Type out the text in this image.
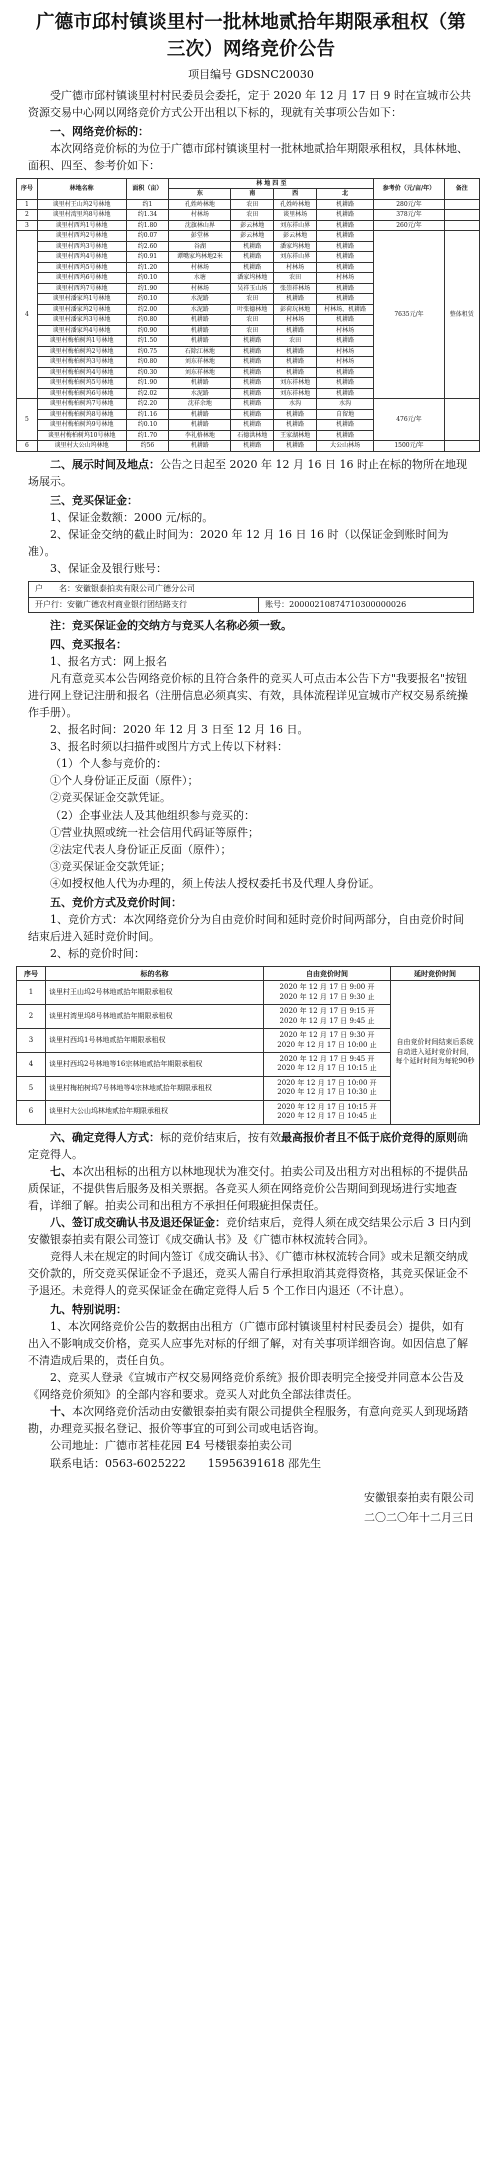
广德市邱村镇谈里村一批林地贰拾年期限承租权（第三次）网络竞价公告
项目编号 GDSNC20030

受广德市邱村镇谈里村村民委员会委托，定于 2020 年 12 月 17 日 9 时在宣城市公共资源交易中心网以网络竞价方式公开出租以下标的，现就有关事项公告如下：

一、网络竞价标的：

本次网络竞价标的为位于广德市邱村镇谈里村一批林地贰拾年期限承租权，具体林地、面积、四至、参考价如下：

序号	林地名称	面积（亩）	林 地 四 至				参考价（元/亩/年）	备注
			东	南	西	北		
1	谈里村王山坞2号林地	约1	孔姓岭林地	农田	孔姓岭林地	机耕路	280元/年	
2	谈里村湾里坞8号林地	约1.34	村林场	农田	谈里林场	机耕路	378元/年	
3	谈里村西坞1号林地	约1.80	沈旗林山界	彭云林地	刘东祥山界	机耕路	260元/年	
4	谈里村西坞2号林地	约0.07	彭堂林	彭云林地	彭云林地	机耕路	7635元/年	整体租赁
	谈里村西坞3号林地	约2.60	谷湖	机耕路	潘家坞林地	机耕路		
	谈里村西坞4号林地	约0.91	谭嘴家坞林地2米	机耕路	刘东祥山界	机耕路		
	谈里村西坞5号林地	约1.20	村林场	机耕路	村林场	机耕路		
	谈里村西坞6号林地	约0.10	水塘	潘家坞林地	农田	村林场		
	谈里村西坞7号林地	约1.90	村林场	吴祥玉山场	张崇祥林场	机耕路		
	谈里村潘家坞1号林地	约0.10	水泥路	农田	机耕路	机耕路		
	谈里村潘家坞2号林地	约2.00	水泥路	叶张德林地	彭荷玩林地	村林场、机耕路		
	谈里村潘家坞3号林地	约0.80	机耕路	农田	村林场	机耕路		
	谈里村潘家坞4号林地	约0.90	机耕路	农田	机耕路	村林场		
	谈里村梅柏树坞1号林地	约1.50	机耕路	机耕路	农田	机耕路		
	谈里村梅柏树坞2号林地	约0.75	石除江林地	机耕路	机耕路	村林场		
	谈里村梅柏树坞3号林地	约0.80	刘东祥林地	机耕路	机耕路	村林场		
	谈里村梅柏树坞4号林地	约0.30	刘东祥林地	机耕路	机耕路	机耕路		
	谈里村梅柏树坞5号林地	约1.90	机耕路	机耕路	刘东祥林地	机耕路		
	谈里村梅柏树坞6号林地	约2.02	水泥路	机耕路	刘东祥林地	机耕路		
5	谈里村梅柏树坞7号林地	约2.20	沈祥余地	机耕路	水沟	水沟	476元/年	
	谈里村梅柏树坞8号林地	约1.16	机耕路	机耕路	机耕路	自留地		
	谈里村梅柏树坞9号林地	约0.10	机耕路	机耕路	机耕路	机耕路		
	谈里村梅柏树坞10号林地	约1.70	李礼格林地	石德洪林地	王家湖林地	机耕路		
6	谈里村大公山坞林地	约56	机耕路	机耕路	机耕路	大公山林场	1500元/年	

二、展示时间及地点：公告之日起至 2020 年 12 月 16 日 16 时止在标的物所在地现场展示。

三、竞买保证金：

1、保证金数额：2000 元/标的。

2、保证金交纳的截止时间为：2020 年 12 月 16 日 16 时（以保证金到账时间为准）。

3、保证金及银行账号：

户　　名：安徽银泰拍卖有限公司广德分公司
开户行：安徽广德农村商业银行团结路支行	账号：20000210874710300000026

注：竞买保证金的交纳方与竞买人名称必须一致。

四、竞买报名：

1、报名方式：网上报名

凡有意竞买本公告网络竞价标的且符合条件的竞买人可点击本公告下方"我要报名"按钮进行网上登记注册和报名（注册信息必须真实、有效，具体流程详见宣城市产权交易系统操作手册）。

2、报名时间：2020 年 12 月 3 日至 12 月 16 日。

3、报名时须以扫描件或图片方式上传以下材料：

（1）个人参与竞价的：

①个人身份证正反面（原件）；

②竞买保证金交款凭证。

（2）企事业法人及其他组织参与竞买的：

①营业执照或统一社会信用代码证等原件；

②法定代表人身份证正反面（原件）；

③竞买保证金交款凭证；

④如授权他人代为办理的，须上传法人授权委托书及代理人身份证。

五、竞价方式及竞价时间：

1、竞价方式：本次网络竞价分为自由竞价时间和延时竞价时间两部分，自由竞价时间结束后进入延时竞价时间。

2、标的竞价时间：

序号	标的名称	自由竞价时间	延时竞价时间
1	谈里村王山坞2号林地贰拾年期限承租权	2020 年 12 月 17 日 9:00 开
2020 年 12 月 17 日 9:30 止	自由竞价时间结束后系统自动进入延时竞价时间，每个延时时间为每轮90秒
2	谈里村湾里坞8号林地贰拾年期限承租权	2020 年 12 月 17 日 9:15 开
2020 年 12 月 17 日 9:45 止	

3	谈里村西坞1号林地贰拾年期限承租权	2020 年 12 月 17 日 9:30 开
2020 年 12 月 17 日 10:00 止	

4	谈里村西坞2号林地等16宗林地贰拾年期限承租权	2020 年 12 月 17 日 9:45 开
2020 年 12 月 17 日 10:15 止	

5	谈里村梅柏树坞7号林地等4宗林地贰拾年期限承租权	2020 年 12 月 17 日 10:00 开
2020 年 12 月 17 日 10:30 止	

6	谈里村大公山坞林地贰拾年期限承租权	2020 年 12 月 17 日 10:15 开
2020 年 12 月 17 日 10:45 止	

六、确定竞得人方式：标的竞价结束后，按有效最高报价者且不低于底价竞得的原则确定竞得人。

七、本次出租标的出租方以林地现状为准交付。拍卖公司及出租方对出租标的不提供品质保证，不提供售后服务及相关票据。各竞买人须在网络竞价公告期间到现场进行实地查看，详细了解。拍卖公司和出租方不承担任何瑕疵担保责任。

八、签订成交确认书及退还保证金：竞价结束后，竞得人须在成交结果公示后 3 日内到安徽银泰拍卖有限公司签订《成交确认书》及《广德市林权流转合同》。

竞得人未在规定的时间内签订《成交确认书》、《广德市林权流转合同》或未足额交纳成交价款的，所交竞买保证金不予退还，竞买人需自行承担取消其竞得资格，其竞买保证金不予退还。未竞得人的竞买保证金在确定竞得人后 5 个工作日内退还（不计息）。

九、特别说明：

1、本次网络竞价公告的数据由出租方（广德市邱村镇谈里村村民委员会）提供，如有出入不影响成交价格，竞买人应事先对标的仔细了解，对有关事项详细咨询。如因信息了解不清造成后果的，责任自负。

2、竞买人登录《宣城市产权交易网络竞价系统》报价即表明完全接受并同意本公告及《网络竞价须知》的全部内容和要求。竞买人对此负全部法律责任。

十、本次网络竞价活动由安徽银泰拍卖有限公司提供全程服务，有意向竞买人到现场踏勘，办理竞买报名登记、报价等事宜的可到公司或电话咨询。

公司地址：广德市茗桂花园 E4 号楼银泰拍卖公司

联系电话：0563-6025222　　15956391618 邵先生

安徽银泰拍卖有限公司
二〇二〇年十二月三日
